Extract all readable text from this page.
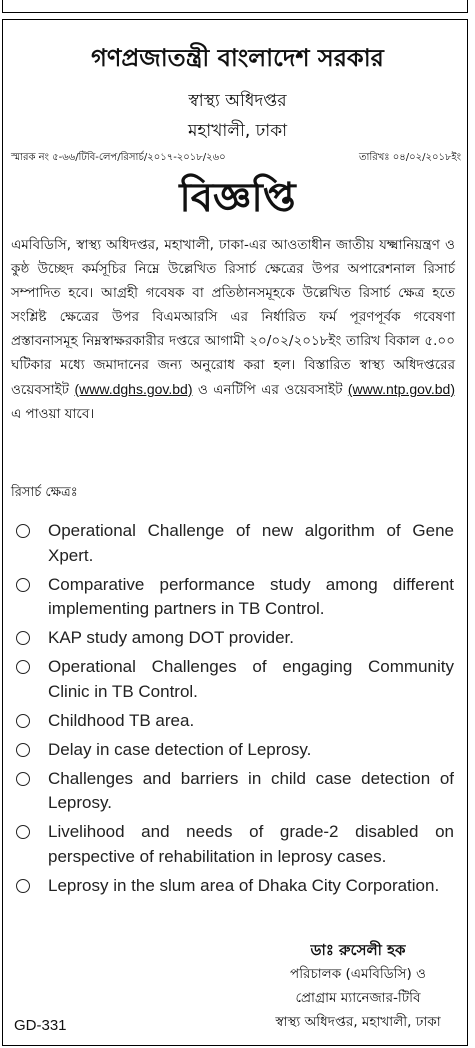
গণপ্রজাতন্ত্রী বাংলাদেশ সরকার
স্বাস্থ্য অধিদপ্তর
মহাখালী, ঢাকা
স্মারক নং ৫-৬৬/টিবি-লেপ/রিসার্চ/২০১৭-২০১৮/২৬০	তারিখঃ ০৪/০২/২০১৮ইং
বিজ্ঞপ্তি
এমবিডিসি, স্বাস্থ্য অধিদপ্তর, মহাখালী, ঢাকা-এর আওতাধীন জাতীয় যক্ষ্মানিয়ন্ত্রণ ও কুষ্ঠ উচ্ছেদ কর্মসূচির নিম্নে উল্লেখিত রিসার্চ ক্ষেত্রের উপর অপারেশনাল রিসার্চ সম্পাদিত হবে। আগ্রহী গবেষক বা প্রতিষ্ঠানসমূহকে উল্লেখিত রিসার্চ ক্ষেত্র হতে সংশ্লিষ্ট ক্ষেত্রের উপর বিএমআরসি এর নির্ধারিত ফর্ম পূরণপূর্বক গবেষণা প্রস্তাবনাসমূহ নিম্নস্বাক্ষরকারীর দপ্তরে আগামী ২০/০২/২০১৮ইং তারিখ বিকাল ৫.০০ ঘটিকার মধ্যে জমাদানের জন্য অনুরোধ করা হল। বিস্তারিত স্বাস্থ্য অধিদপ্তরের ওয়েবসাইট (www.dghs.gov.bd) ও এনটিপি এর ওয়েবসাইট (www.ntp.gov.bd) এ পাওয়া যাবে।
রিসার্চ ক্ষেত্রঃ
Operational Challenge of new algorithm of Gene Xpert.
Comparative performance study among different implementing partners in TB Control.
KAP study among DOT provider.
Operational Challenges of engaging Community Clinic in TB Control.
Childhood TB area.
Delay in case detection of Leprosy.
Challenges and barriers in child case detection of Leprosy.
Livelihood and needs of grade-2 disabled on perspective of rehabilitation in leprosy cases.
Leprosy in the slum area of Dhaka City Corporation.
ডাঃ রুসেলী হক
পরিচালক (এমবিডিসি) ও
প্রোগ্রাম ম্যানেজার-টিবি
স্বাস্থ্য অধিদপ্তর, মহাখালী, ঢাকা
GD-331
